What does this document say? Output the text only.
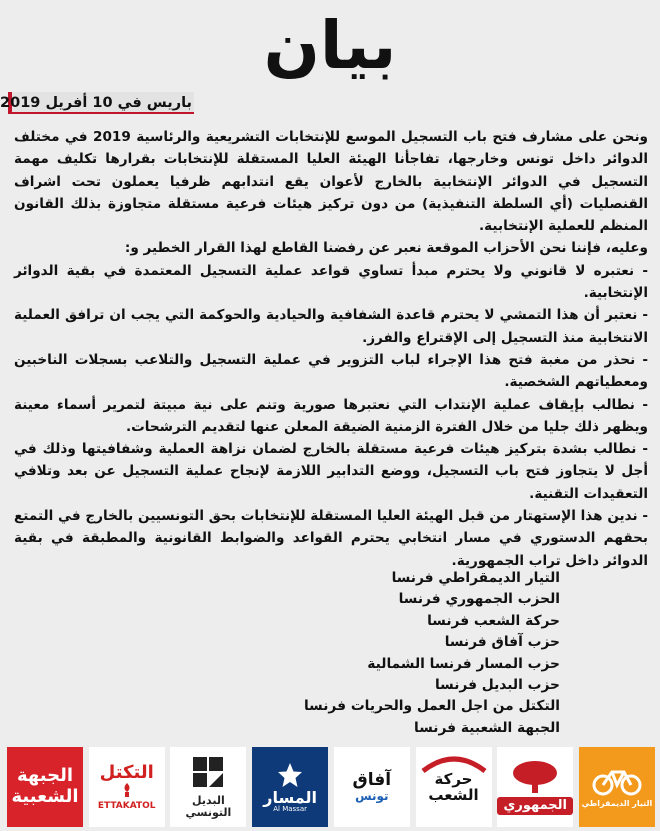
بيان
باريس في 10 أفريل 2019

ونحن على مشارف فتح باب التسجيل الموسع للإنتخابات التشريعية والرئاسية 2019 في مختلف الدوائر داخل تونس وخارجها، تفاجأنا الهيئة العليا المستقلة للإنتخابات بقرارها تكليف مهمة التسجيل في الدوائر الإنتخابية بالخارج لأعوان يقع انتدابهم ظرفيا يعملون تحت اشراف القنصليات (أي السلطة التنفيذية) من دون تركيز هيئات فرعية مستقلة متجاوزة بذلك القانون المنظم للعملية الإنتخابية.

وعليه، فإننا نحن الأحزاب الموقعة نعبر عن رفضنا القاطع لهذا القرار الخطير و:

- نعتبره لا قانوني ولا يحترم مبدأ تساوي قواعد عملية التسجيل المعتمدة في بقية الدوائر الإنتخابية.

- نعتبر أن هذا التمشي لا يحترم قاعدة الشفافية والحيادية والحوكمة التي يجب ان ترافق العملية الانتخابية منذ التسجيل إلى الإقتراع والفرز.

- نحذر من مغبة فتح هذا الإجراء لباب التزوير في عملية التسجيل والتلاعب بسجلات الناخبين ومعطياتهم الشخصية.

- نطالب بإيقاف عملية الإنتداب التي نعتبرها صورية وتنم على نية مبيتة لتمرير أسماء معينة ويظهر ذلك جليا من خلال الفترة الزمنية الضيقة المعلن عنها لتقديم الترشحات.

- نطالب بشدة بتركيز هيئات فرعية مستقلة بالخارج لضمان نزاهة العملية وشفافيتها وذلك في أجل لا يتجاوز فتح باب التسجيل، ووضع التدابير اللازمة لإنجاح عملية التسجيل عن بعد وتلافي التعقيدات التقنية.

- ندين هذا الإستهتار من قبل الهيئة العليا المستقلة للإنتخابات بحق التونسيين بالخارج في التمتع بحقهم الدستوري في مسار انتخابي يحترم القواعد والضوابط القانونية والمطبقة في بقية الدوائر داخل تراب الجمهورية.

التيار الديمقراطي فرنسا
الحزب الجمهوري فرنسا
حركة الشعب فرنسا
حزب آفاق فرنسا
حزب المسار فرنسا الشمالية
حزب البديل فرنسا
التكتل من اجل العمل والحريات فرنسا
الجبهة الشعبية فرنسا
التيار الديمقراطي
الجمهوري
حركة الشعب
آفاق
تونس
المسار
Al Massar
البديل التونسي
التكتل
ETTAKATOL
الجبهة الشعبية
